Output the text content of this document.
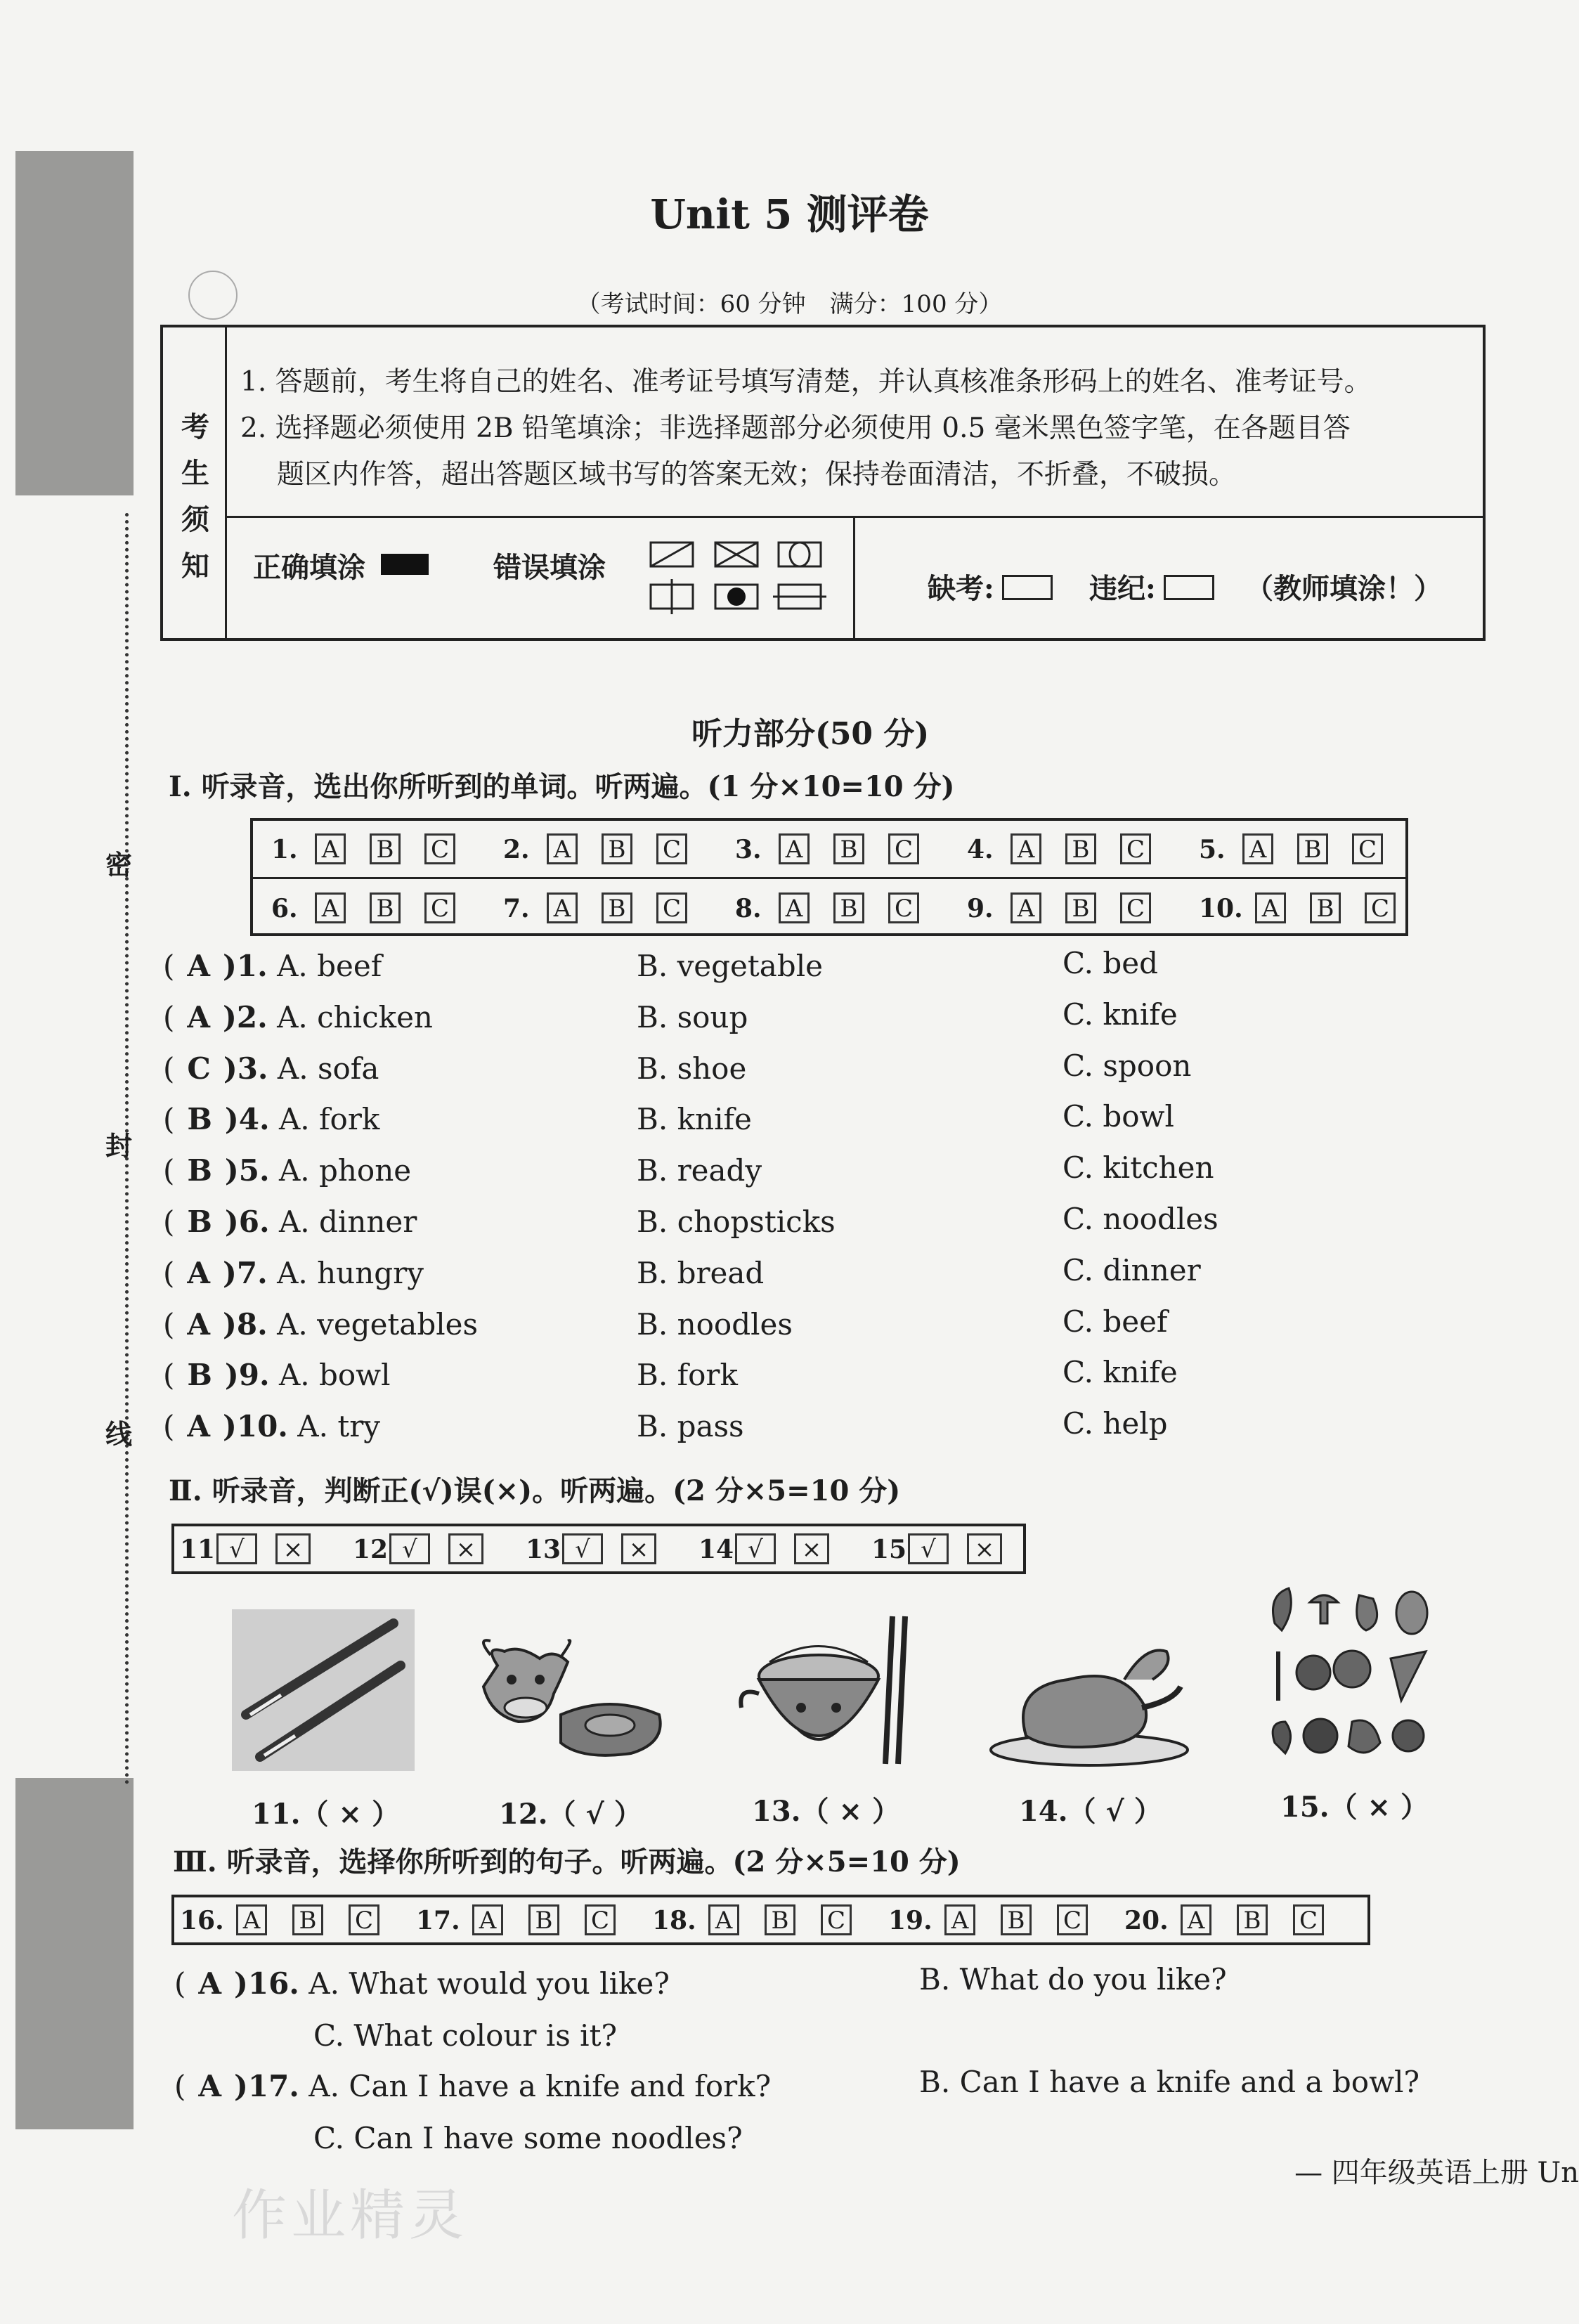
密
封
线
Unit 5 测评卷
（考试时间：60 分钟　满分：100 分）
考
生
须
知
1. 答题前，考生将自己的姓名、准考证号填写清楚，并认真核准条形码上的姓名、准考证号。
2. 选择题必须使用 2B 铅笔填涂；非选择题部分必须使用 0.5 毫米黑色签字笔，在各题目答
题区内作答，超出答题区域书写的答案无效；保持卷面清洁，不折叠，不破损。
正确填涂	错误填涂
缺考:	违纪:	（教师填涂！）
听力部分(50 分)
Ⅰ. 听录音，选出你所听到的单词。听两遍。(1 分×10=10 分)
1. A B C 2. A B C 3. A B C 4. A B C 5. A B C
6. A B C 7. A B C 8. A B C 9. A B C 10. A B C
( A )1. A. beef	B. vegetable	C. bed
( A )2. A. chicken	B. soup	C. knife
( C )3. A. sofa	B. shoe	C. spoon
( B )4. A. fork	B. knife	C. bowl
( B )5. A. phone	B. ready	C. kitchen
( B )6. A. dinner	B. chopsticks	C. noodles
( A )7. A. hungry	B. bread	C. dinner
( A )8. A. vegetables	B. noodles	C. beef
( B )9. A. bowl	B. fork	C. knife
( A )10. A. try	B. pass	C. help
Ⅱ. 听录音，判断正(√)误(×)。听两遍。(2 分×5=10 分)
11 √	× 12 √	× 13 √	× 14 √	× 15 √	×
11.（ × ）	12.（ √ ）	13.（ × ）	14.（ √ ）	15.（ × ）
Ⅲ. 听录音，选择你所听到的句子。听两遍。(2 分×5=10 分)
16. A B C 17. A B C 18. A B C 19. A B C 20. A B C
( A )16. A. What would you like?	B. What do you like?
C. What colour is it?
( A )17. A. Can I have a knife and fork?	B. Can I have a knife and a bowl?
C. Can I have some noodles?
— 四年级英语上册 Un
作业精灵
